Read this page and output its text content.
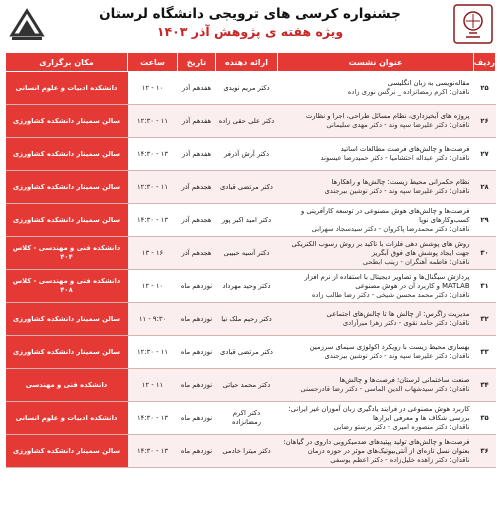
جشنواره کرسی های ترویجی دانشگاه لرستان
ویژه هفته ی پژوهش آذر ۱۴۰۳
ردیف	عنوان نشست	ارائه دهنده	تاریخ	ساعت	مکان برگزاری
۲۵	مقاله‌نویسی به زبان انگلیسی
ناقدان: اکرم رمضانزاده _ نرگس نوری زاده	دکتر مریم نویدی	هفدهم آذر	۱۰ - ۱۲	دانشکده ادبیات و علوم انسانی
۲۶	پروژه های آبخیزداری، نظام مسائل طراحی، اجرا و نظارت
ناقدان: دکتر علیرضا سپه وند - دکتر مهدی سلیمانی	دکتر علی حقی زاده	هفدهم آذر	۱۱ - ۱۲:۳۰	سالن سمینار دانشکده کشاورزی
۲۷	فرصت‌ها و چالش‌های فرصت مطالعات اساتید
ناقدان: دکتر عبداله احتشامیا - دکتر حمیدرضا عیسوند	دکتر آرش آذرفر	هفدهم آذر	۱۳ - ۱۴:۳۰	سالن سمینار دانشکده کشاورزی
۲۸	نظام حکمرانی محیط زیست: چالش‌ها و راهکارها
ناقدان: دکتر علیرضا سپه وند - دکتر نوشین بیرجندی	دکتر مرتضی قبادی	هجدهم آذر	۱۱ - ۱۲:۳۰	سالن سمینار دانشکده کشاورزی
۲۹	فرصت‌ها و چالش‌های هوش مصنوعی در توسعه کارآفرینی و کسب‌وکارهای نوپا
ناقدان: دکتر محمدرضا پاکروان - دکتر سیدسجاد سهرابی	دکتر امید اکبر پور	هجدهم آذر	۱۳ - ۱۴:۳۰	سالن سمینار دانشکده کشاورزی
۳۰	روش های پوشش دهی فلزات با تاکید بر روش رسوب الکتریکی جهت ایجاد پوشش های فوق آبگریز
ناقدان: فاطمه آهنگران - زینب ابطحی	دکتر آسیه حبیبی	هجدهم آذر	۱۶ - ۱۳	دانشکده فنی و مهندسی - کلاس ۴۰۴
۳۱	پردازش سیگنال‌ها و تصاویر دیجیتال با استفاده از نرم افزار MATLAB و کاربرد آن در هوش مصنوعی
ناقدان: دکتر محمد محسن شیخی - دکتر رضا طالب زاده	دکتر وحید مهرداد	نوزدهم ماه	۱۰ - ۱۲	دانشکده فنی و مهندسی - کلاس ۴۰۸
۳۲	مدیریت زاگرس: از چالش ها تا چالش‌های اجتماعی
ناقدان: دکتر حامد نقوی - دکتر زهرا میرآزادی	دکتر رحیم ملک نیا	نوزدهم ماه	۹:۳۰ - ۱۱	سالن سمینار دانشکده کشاورزی
۳۳	بهسازی محیط زیست با رویکرد اکولوژی سیمای سرزمین
ناقدان: دکتر علیرضا سپه وند - دکتر نوشین بیرجندی	دکتر مرتضی قبادی	نوزدهم ماه	۱۱ - ۱۲:۳۰	سالن سمینار دانشکده کشاورزی
۳۴	صنعت ساختمانی لرستان؛ فرصت‌ها و چالش‌ها
ناقدان: دکتر سیدشهاب الدین الماسی - دکتر رضا قادرحسنی	دکتر محمد حیاتی	نوزدهم ماه	۱۱ - ۱۲	دانشکده فنی و مهندسی
۳۵	کاربرد هوش مصنوعی در فرایند یادگیری زبان آموزان غیر ایرانی: بررسی شکاف ها و معرفی ابزارها
ناقدان: دکتر منصوره امیری - دکتر پرستو رضایی	دکتر اکرم رمضانزاده	نوزدهم ماه	۱۳ - ۱۴:۳۰	دانشکده ادبیات و علوم انسانی
۳۶	فرصت‌ها و چالش‌های تولید پپتیدهای ضدمیکروبی داروی در گیاهان؛ بعنوان نسل تازه‌ای از آنتی‌بیوتیک‌های موثر در حوزه درمان
ناقدان: دکتر زاهده خلیل‌زاده - دکتر اعظم یوسفی	دکتر میترا خادمی	نوزدهم ماه	۱۳ - ۱۴:۳۰	سالن سمینار دانشکده کشاورزی
